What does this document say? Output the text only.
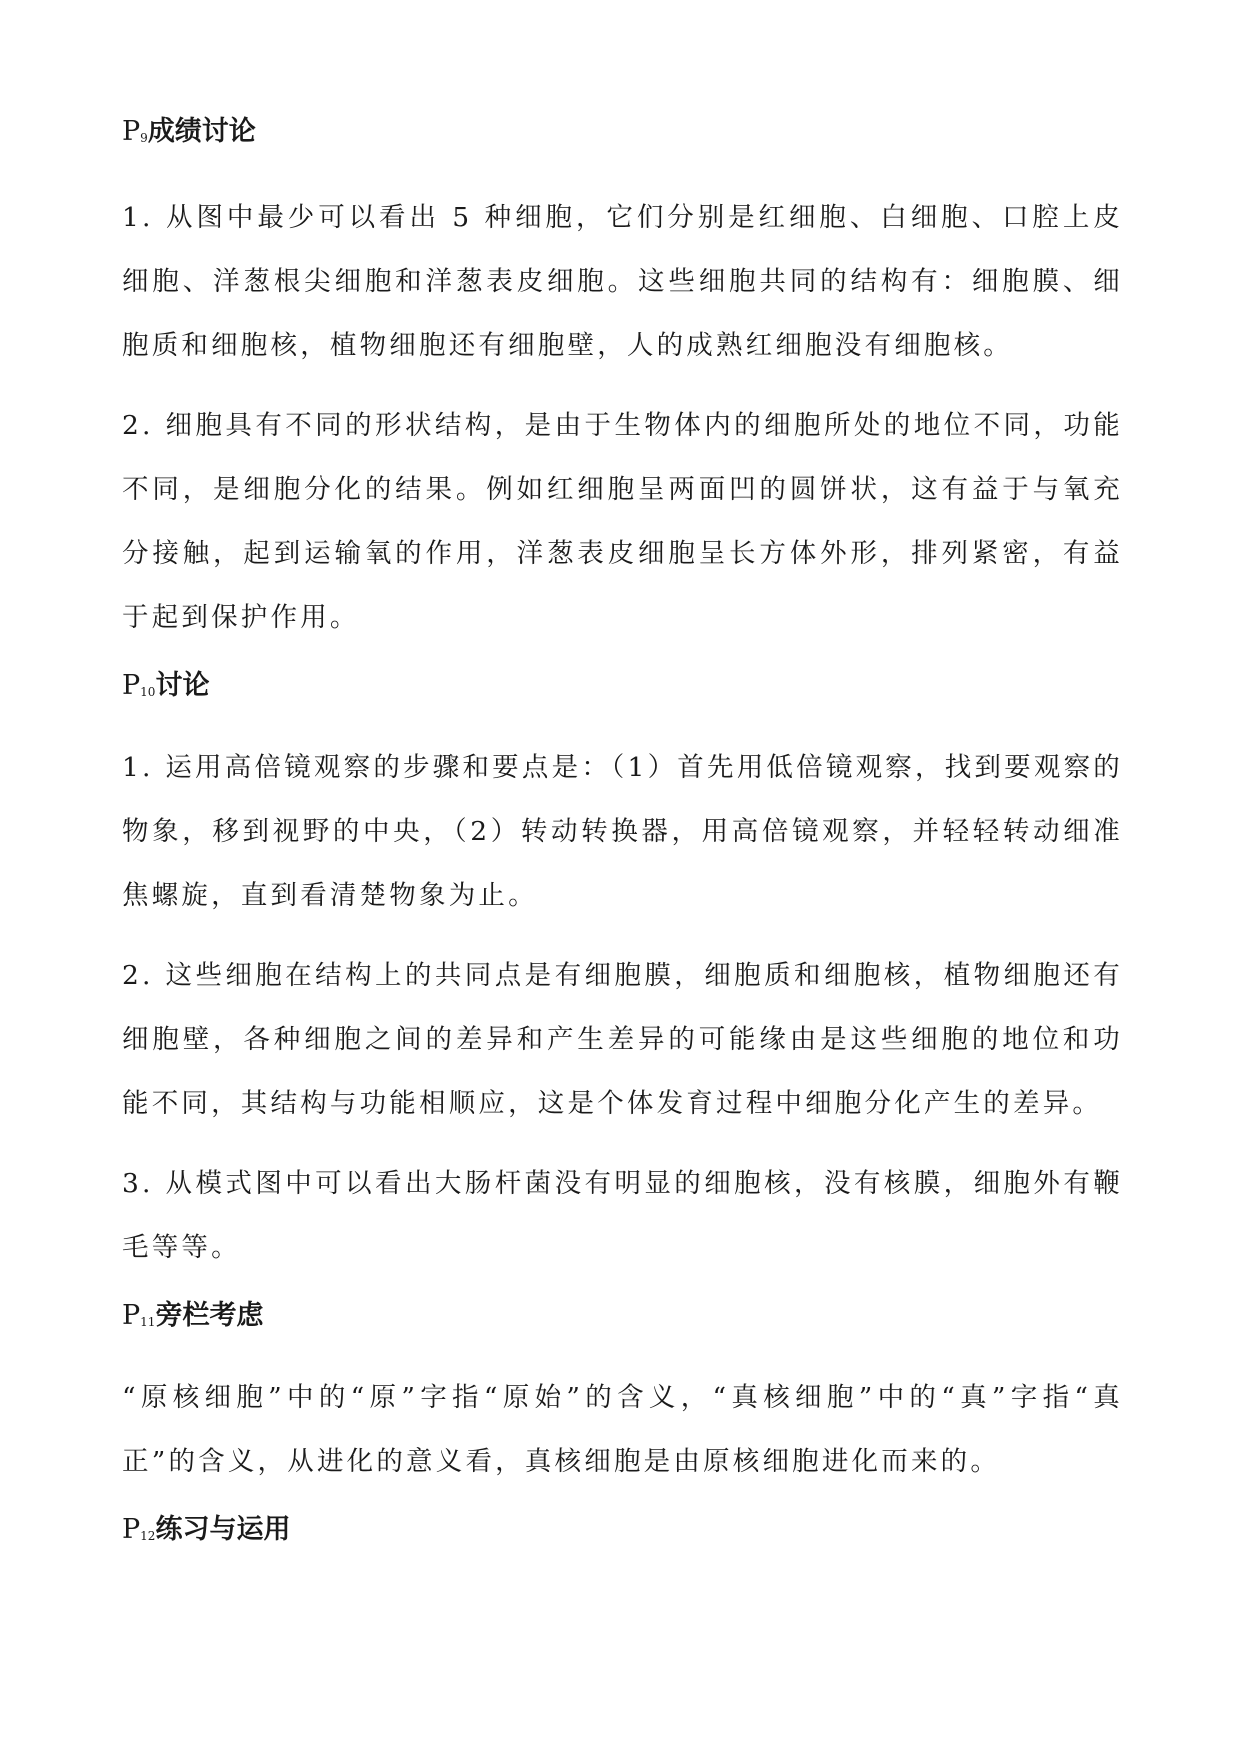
$P_9$成绩讨论

1. 从图中最少可以看出 5 种细胞，它们分别是红细胞、白细胞、口腔上皮细胞、洋葱根尖细胞和洋葱表皮细胞。这些细胞共同的结构有：细胞膜、细胞质和细胞核，植物细胞还有细胞壁，人的成熟红细胞没有细胞核。

2. 细胞具有不同的形状结构，是由于生物体内的细胞所处的地位不同，功能不同，是细胞分化的结果。例如红细胞呈两面凹的圆饼状，这有益于与氧充分接触，起到运输氧的作用，洋葱表皮细胞呈长方体外形，排列紧密，有益于起到保护作用。

$P_{10}$讨论

1. 运用高倍镜观察的步骤和要点是：（1）首先用低倍镜观察，找到要观察的物象，移到视野的中央，（2）转动转换器，用高倍镜观察，并轻轻转动细准焦螺旋，直到看清楚物象为止。

2. 这些细胞在结构上的共同点是有细胞膜，细胞质和细胞核，植物细胞还有细胞壁，各种细胞之间的差异和产生差异的可能缘由是这些细胞的地位和功能不同，其结构与功能相顺应，这是个体发育过程中细胞分化产生的差异。

3. 从模式图中可以看出大肠杆菌没有明显的细胞核，没有核膜，细胞外有鞭毛等等。

$P_{11}$旁栏考虑

“原核细胞”中的“原”字指“原始”的含义，“真核细胞”中的“真”字指“真正”的含义，从进化的意义看，真核细胞是由原核细胞进化而来的。

$P_{12}$练习与运用
